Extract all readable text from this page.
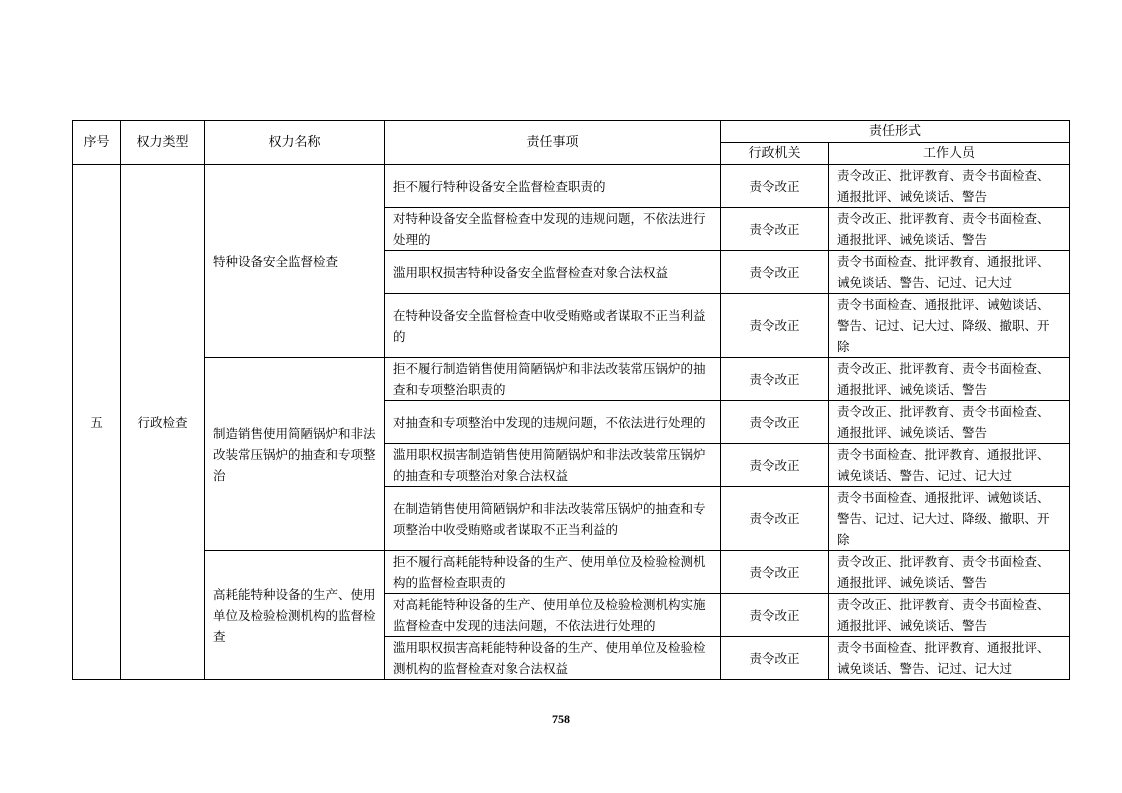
序号	权力类型	权力名称	责任事项	责任形式	
				行政机关	工作人员
五	行政检查	特种设备安全监督检查	拒不履行特种设备安全监督检查职责的	责令改正	责令改正、批评教育、责令书面检查、通报批评、诫免谈话、警告
			对特种设备安全监督检查中发现的违规问题，不依法进行处理的	责令改正	责令改正、批评教育、责令书面检查、通报批评、诫免谈话、警告
			滥用职权损害特种设备安全监督检查对象合法权益	责令改正	责令书面检查、批评教育、通报批评、诫免谈话、警告、记过、记大过
			在特种设备安全监督检查中收受贿赂或者谋取不正当利益的	责令改正	责令书面检查、通报批评、诫勉谈话、警告、记过、记大过、降级、撤职、开除
		制造销售使用简陋锅炉和非法改装常压锅炉的抽查和专项整治	拒不履行制造销售使用简陋锅炉和非法改装常压锅炉的抽查和专项整治职责的	责令改正	责令改正、批评教育、责令书面检查、通报批评、诫免谈话、警告
			对抽查和专项整治中发现的违规问题，不依法进行处理的	责令改正	责令改正、批评教育、责令书面检查、通报批评、诫免谈话、警告
			滥用职权损害制造销售使用简陋锅炉和非法改装常压锅炉的抽查和专项整治对象合法权益	责令改正	责令书面检查、批评教育、通报批评、诫免谈话、警告、记过、记大过
			在制造销售使用简陋锅炉和非法改装常压锅炉的抽查和专项整治中收受贿赂或者谋取不正当利益的	责令改正	责令书面检查、通报批评、诫勉谈话、警告、记过、记大过、降级、撤职、开除
		高耗能特种设备的生产、使用单位及检验检测机构的监督检查	拒不履行高耗能特种设备的生产、使用单位及检验检测机构的监督检查职责的	责令改正	责令改正、批评教育、责令书面检查、通报批评、诫免谈话、警告
			对高耗能特种设备的生产、使用单位及检验检测机构实施监督检查中发现的违法问题，不依法进行处理的	责令改正	责令改正、批评教育、责令书面检查、通报批评、诫免谈话、警告
			滥用职权损害高耗能特种设备的生产、使用单位及检验检测机构的监督检查对象合法权益	责令改正	责令书面检查、批评教育、通报批评、诫免谈话、警告、记过、记大过
758
